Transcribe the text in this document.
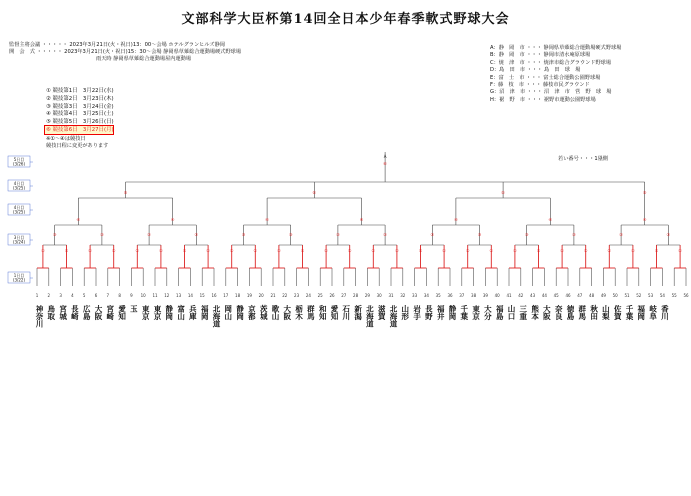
文部科学大臣杯第14回全日本少年春季軟式野球大会
監督主将会議 ・・・・・ 2023年3月21日(火・祝日)13：00～会場 ホテルグランヒルズ静岡
開　会　式 ・・・・・ 2023年3月21日(火・祝日)15：30～会場 静岡県草薙総合運動場硬式野球場
雨天時 静岡県草薙総合運動場屋内運動場
① 競技第1日　3月22日(水)
② 競技第2日　3月23日(木)
③ 競技第3日　3月24日(金)
④ 競技第4日　3月25日(土)
⑤ 競技第5日　3月26日(日)
⑥ 競技第6日　3月27日(月)
※①～④は競技日
競技日程に変更があります
A：静　岡　市 ・・・ 静岡県草薙総合運動場硬式野球場
B：静　岡　市 ・・・ 静岡市清水庵原球場
C：焼　津　市 ・・・ 焼津市総合グラウンド野球場
D：島　田　市 ・・・ 島　田　球　場
E：富　士　市 ・・・ 富士総合運動公園野球場
F：藤　枝　市 ・・・ 藤枝市民グラウンド
G：沼　津　市 ・・・ 沼　津　市　営　野　球　場
H：裾　野　市 ・・・ 裾野市運動公園野球場
若い番号・・・1塁側
5日目
(3/26)
4日目
(3/25)
4日目
(3/25)
3日目
(3/24)
1日目
(3/22)
1 2 3 4 5 6 7 8 9 10 11 12 13 14 15 16 17 18 19 20 21 22 23 24 25 26 27 28 29 30 31 32 33 34 35 36 37 38 39 40 41 42 43 44 45 46 47 48 49 50 51 52 53 54 55 56
①	①
③
①	①
③
①	①
③
①	①
③
①	①
③
①	①
③
①	①
③
①	①
③
①	①
③
①	①
③
①	①
③
①	①
③
①	①
③
①	①
③
④	④	④	④	④	④	④
⑤	⑤	⑤	⑤
⑥
A
神奈川 鳥取 宮城 長崎 広島 大阪 宮崎 愛知 玉 東京 東京 静岡 富山 兵庫 福岡 北海道 岡山 静岡 京都 茨城 歌山 大阪 栃木 群馬 和知 愛知 石川 新潟 北海道 滋賀 北海道 山形 岩手 長野 福井 静岡 千葉 東京 大分 福島 山口 三重 熊本 大阪 奈良 徳島 群馬 秋田 山梨 佐賀 千葉 福岡 岐阜 香川
